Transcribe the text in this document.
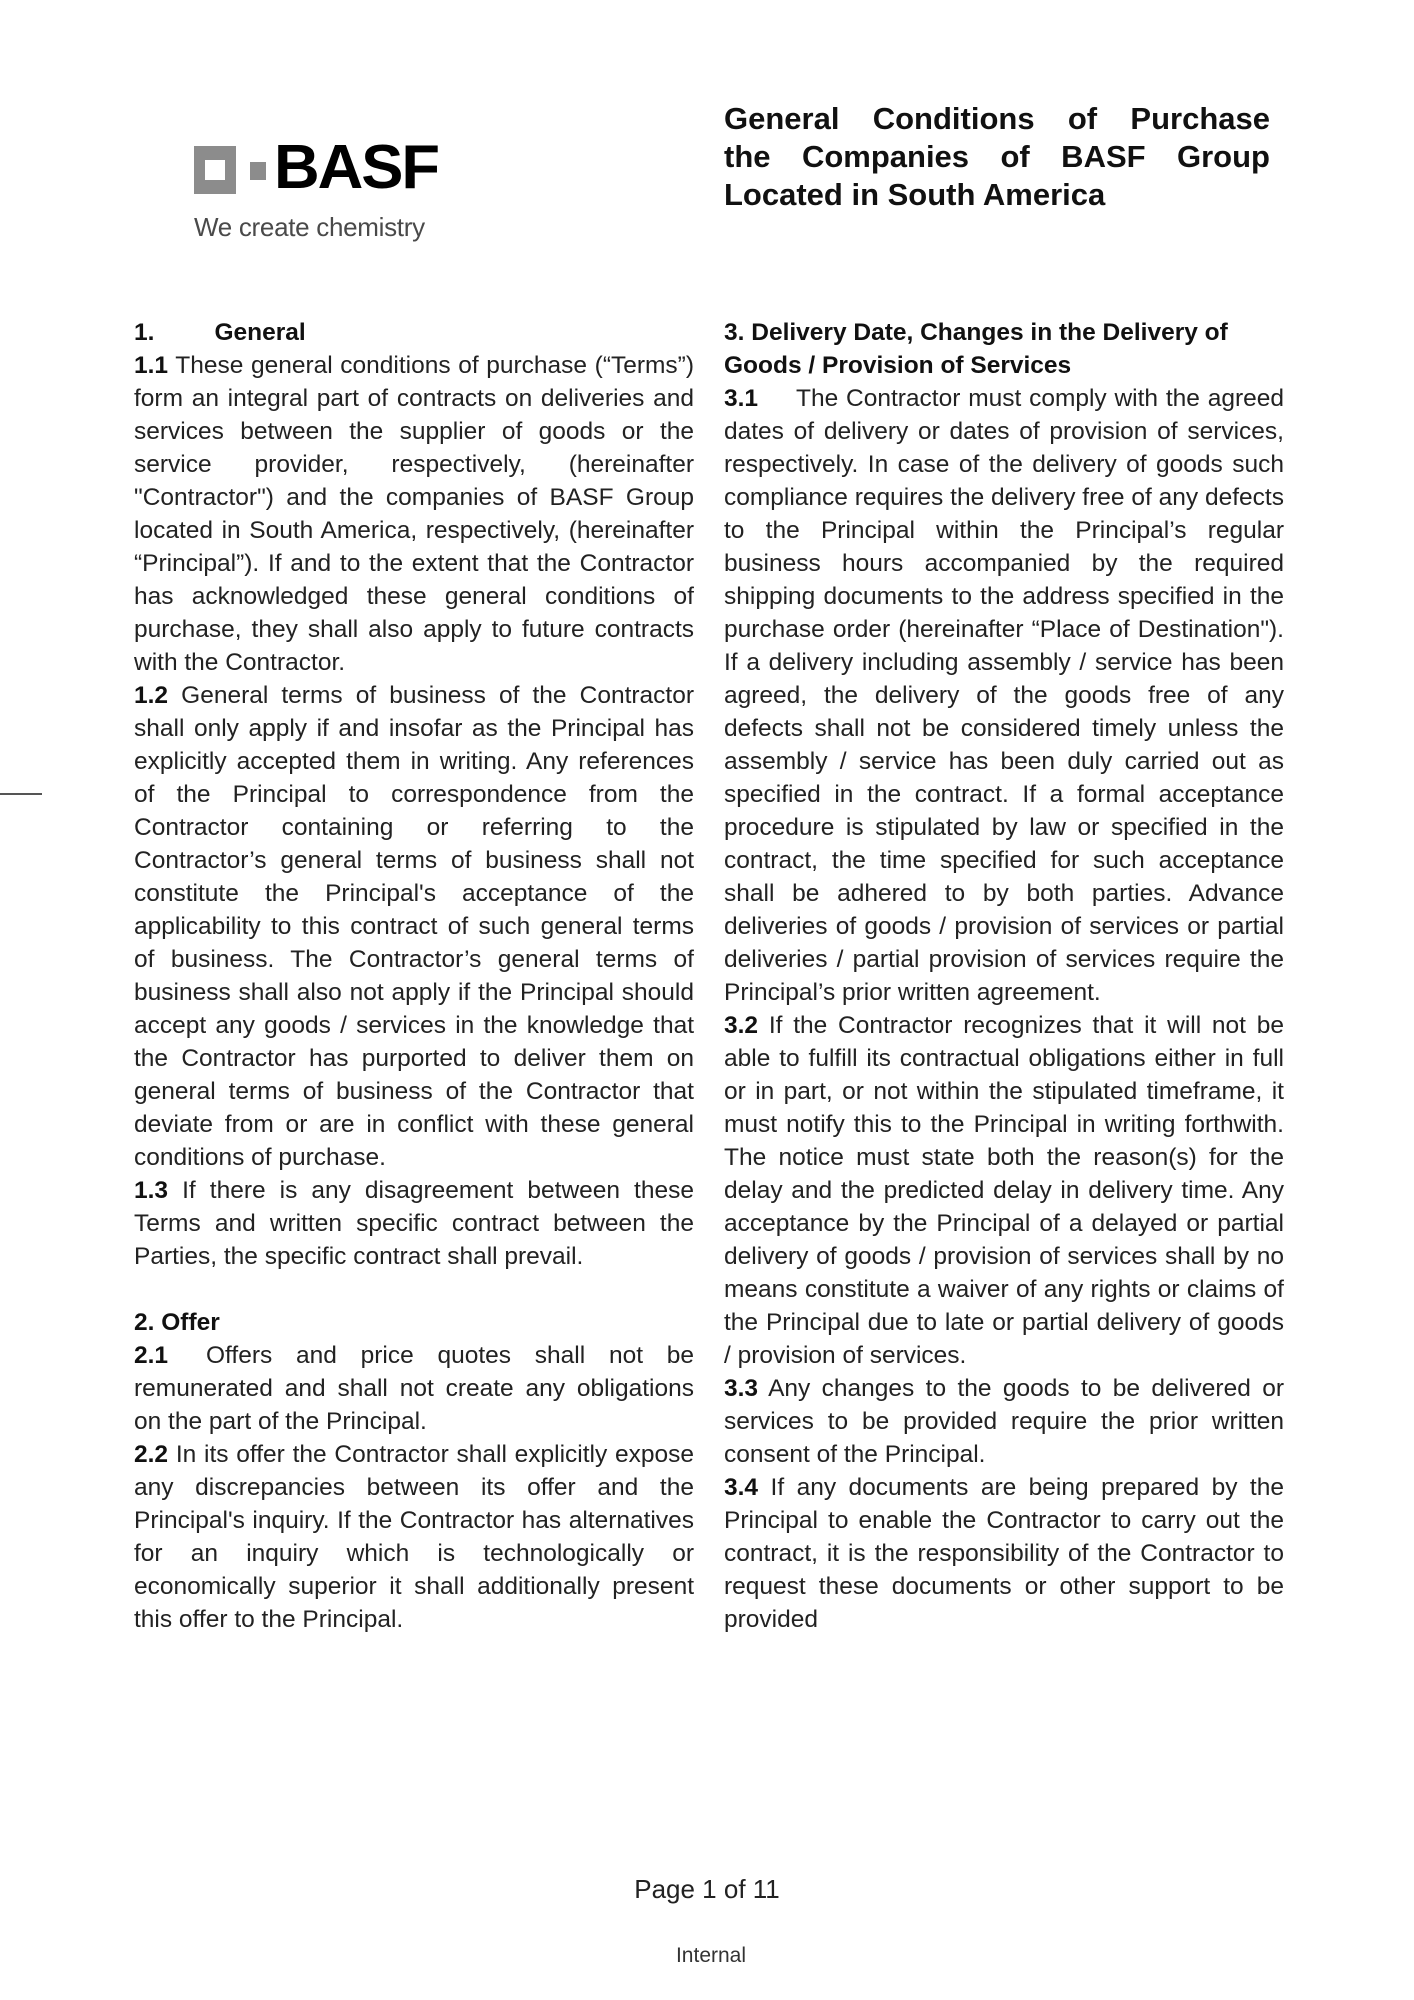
BASF
We create chemistry
General Conditions of Purchase
the Companies of BASF Group
Located in South America
1. General

1.1 These general conditions of purchase (“Terms”) form an integral part of contracts on deliveries and services between the supplier of goods or the service provider, respectively, (hereinafter "Contractor") and the companies of BASF Group located in South America, respectively, (hereinafter “Principal”). If and to the extent that the Contractor has acknowledged these general conditions of purchase, they shall also apply to future contracts with the Contractor.

1.2 General terms of business of the Contractor shall only apply if and insofar as the Principal has explicitly accepted them in writing. Any references of the Principal to correspondence from the Contractor containing or referring to the Contractor’s general terms of business shall not constitute the Principal's acceptance of the applicability to this contract of such general terms of business. The Contractor’s general terms of business shall also not apply if the Principal should accept any goods / services in the knowledge that the Contractor has purported to deliver them on general terms of business of the Contractor that deviate from or are in conflict with these general conditions of purchase.

1.3 If there is any disagreement between these Terms and written specific contract between the Parties, the specific contract shall prevail.

2. Offer

2.1 Offers and price quotes shall not be remunerated and shall not create any obligations on the part of the Principal.

2.2 In its offer the Contractor shall explicitly expose any discrepancies between its offer and the Principal's inquiry. If the Contractor has alternatives for an inquiry which is technologically or economically superior it shall additionally present this offer to the Principal.

3. Delivery Date, Changes in the Delivery of Goods / Provision of Services

3.1 The Contractor must comply with the agreed dates of delivery or dates of provision of services, respectively. In case of the delivery of goods such compliance requires the delivery free of any defects to the Principal within the Principal’s regular business hours accompanied by the required shipping documents to the address specified in the purchase order (hereinafter “Place of Destination"). If a delivery including assembly / service has been agreed, the delivery of the goods free of any defects shall not be considered timely unless the assembly / service has been duly carried out as specified in the contract. If a formal acceptance procedure is stipulated by law or specified in the contract, the time specified for such acceptance shall be adhered to by both parties. Advance deliveries of goods / provision of services or partial deliveries / partial provision of services require the Principal’s prior written agreement.

3.2 If the Contractor recognizes that it will not be able to fulfill its contractual obligations either in full or in part, or not within the stipulated timeframe, it must notify this to the Principal in writing forthwith. The notice must state both the reason(s) for the delay and the predicted delay in delivery time. Any acceptance by the Principal of a delayed or partial delivery of goods / provision of services shall by no means constitute a waiver of any rights or claims of the Principal due to late or partial delivery of goods / provision of services.

3.3 Any changes to the goods to be delivered or services to be provided require the prior written consent of the Principal.

3.4 If any documents are being prepared by the Principal to enable the Contractor to carry out the contract, it is the responsibility of the Contractor to request these documents or other support to be provided

Page 1 of 11
Internal
